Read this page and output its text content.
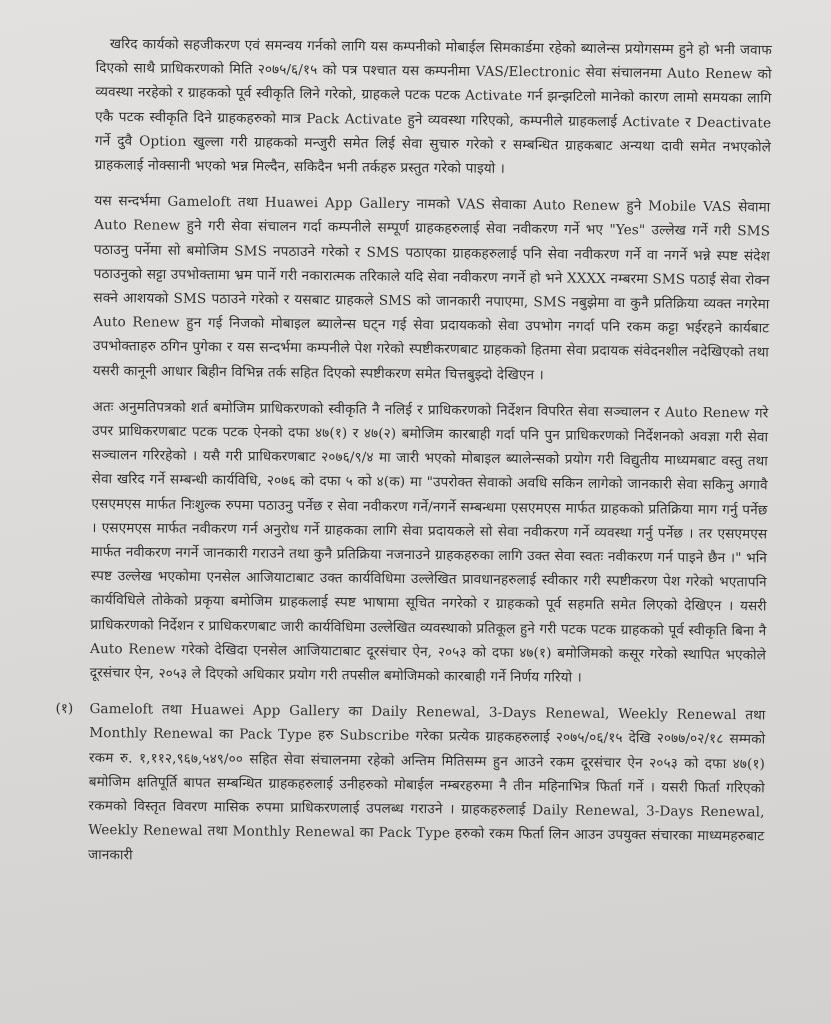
खरिद कार्यको सहजीकरण एवं समन्वय गर्नको लागि यस कम्पनीको मोबाईल सिमकार्डमा रहेको ब्यालेन्स प्रयोगसम्म हुने हो भनी जवाफ दिएको साथै प्राधिकरणको मिति २०७५/६/१५ को पत्र पश्चात यस कम्पनीमा VAS/Electronic सेवा संचालनमा Auto Renew को व्यवस्था नरहेको र ग्राहकको पूर्व स्वीकृति लिने गरेको, ग्राहकले पटक पटक Activate गर्न झन्झटिलो मानेको कारण लामो समयका लागि एकै पटक स्वीकृति दिने ग्राहकहरुको मात्र Pack Activate हुने व्यवस्था गरिएको, कम्पनीले ग्राहकलाई Activate र Deactivate गर्ने दुवै Option खुल्ला गरी ग्राहकको मन्जुरी समेत लिई सेवा सुचारु गरेको र सम्बन्धित ग्राहकबाट अन्यथा दावी समेत नभएकोले ग्राहकलाई नोक्सानी भएको भन्न मिल्दैन, सकिदैन भनी तर्कहरु प्रस्तुत गरेको पाइयो ।

यस सन्दर्भमा Gameloft तथा Huawei App Gallery नामको VAS सेवाका Auto Renew हुने Mobile VAS सेवामा Auto Renew हुने गरी सेवा संचालन गर्दा कम्पनीले सम्पूर्ण ग्राहकहरुलाई सेवा नवीकरण गर्ने भए "Yes" उल्लेख गर्ने गरी SMS पठाउनु पर्नेमा सो बमोजिम SMS नपठाउने गरेको र SMS पठाएका ग्राहकहरुलाई पनि सेवा नवीकरण गर्ने वा नगर्ने भन्ने स्पष्ट संदेश पठाउनुको सट्टा उपभोक्तामा भ्रम पार्ने गरी नकारात्मक तरिकाले यदि सेवा नवीकरण नगर्ने हो भने XXXX नम्बरमा SMS पठाई सेवा रोक्न सक्ने आशयको SMS पठाउने गरेको र यसबाट ग्राहकले SMS को जानकारी नपाएमा, SMS नबुझेमा वा कुनै प्रतिक्रिया व्यक्त नगरेमा Auto Renew हुन गई निजको मोबाइल ब्यालेन्स घट्न गई सेवा प्रदायकको सेवा उपभोग नगर्दा पनि रकम कट्टा भईरहने कार्यबाट उपभोक्ताहरु ठगिन पुगेका र यस सन्दर्भमा कम्पनीले पेश गरेको स्पष्टीकरणबाट ग्राहकको हितमा सेवा प्रदायक संवेदनशील नदेखिएको तथा यसरी कानूनी आधार बिहीन विभिन्न तर्क सहित दिएको स्पष्टीकरण समेत चित्तबुझ्दो देखिएन ।

अतः अनुमतिपत्रको शर्त बमोजिम प्राधिकरणको स्वीकृति नै नलिई र प्राधिकरणको निर्देशन विपरित सेवा सञ्चालन र Auto Renew गरे उपर प्राधिकरणबाट पटक पटक ऐनको दफा ४७(१) र ४७(२) बमोजिम कारबाही गर्दा पनि पुन प्राधिकरणको निर्देशनको अवज्ञा गरी सेवा सञ्चालन गरिरहेको । यसै गरी प्राधिकरणबाट २०७६/९/४ मा जारी भएको मोबाइल ब्यालेन्सको प्रयोग गरी विद्युतीय माध्यमबाट वस्तु तथा सेवा खरिद गर्ने सम्बन्धी कार्यविधि, २०७६ को दफा ५ को ४(क) मा "उपरोक्त सेवाको अवधि सकिन लागेको जानकारी सेवा सकिनु अगावै एसएमएस मार्फत निःशुल्क रुपमा पठाउनु पर्नेछ र सेवा नवीकरण गर्ने/नगर्ने सम्बन्धमा एसएमएस मार्फत ग्राहकको प्रतिक्रिया माग गर्नु पर्नेछ । एसएमएस मार्फत नवीकरण गर्न अनुरोध गर्ने ग्राहकका लागि सेवा प्रदायकले सो सेवा नवीकरण गर्ने व्यवस्था गर्नु पर्नेछ । तर एसएमएस मार्फत नवीकरण नगर्ने जानकारी गराउने तथा कुनै प्रतिक्रिया नजनाउने ग्राहकहरुका लागि उक्त सेवा स्वतः नवीकरण गर्न पाइने छैन ।" भनि स्पष्ट उल्लेख भएकोमा एनसेल आजियाटाबाट उक्त कार्यविधिमा उल्लेखित प्रावधानहरुलाई स्वीकार गरी स्पष्टीकरण पेश गरेको भएतापनि कार्यविधिले तोकेको प्रकृया बमोजिम ग्राहकलाई स्पष्ट भाषामा सूचित नगरेको र ग्राहकको पूर्व सहमति समेत लिएको देखिएन । यसरी प्राधिकरणको निर्देशन र प्राधिकरणबाट जारी कार्यविधिमा उल्लेखित व्यवस्थाको प्रतिकूल हुने गरी पटक पटक ग्राहकको पूर्व स्वीकृति बिना नै Auto Renew गरेको देखिदा एनसेल आजियाटाबाट दूरसंचार ऐन, २०५३ को दफा ४७(१) बमोजिमको कसूर गरेको स्थापित भएकोले दूरसंचार ऐन, २०५३ ले दिएको अधिकार प्रयोग गरी तपसील बमोजिमको कारबाही गर्ने निर्णय गरियो ।

(१) Gameloft तथा Huawei App Gallery का Daily Renewal, 3-Days Renewal, Weekly Renewal तथा Monthly Renewal का Pack Type हरु Subscribe गरेका प्रत्येक ग्राहकहरुलाई २०७५/०६/१५ देखि २०७७/०२/१८ सम्मको रकम रु. १,११२,९६७,५४९/०० सहित सेवा संचालनमा रहेको अन्तिम मितिसम्म हुन आउने रकम दूरसंचार ऐन २०५३ को दफा ४७(१) बमोजिम क्षतिपूर्ति बापत सम्बन्धित ग्राहकहरुलाई उनीहरुको मोबाईल नम्बरहरुमा नै तीन महिनाभित्र फिर्ता गर्ने । यसरी फिर्ता गरिएको रकमको विस्तृत विवरण मासिक रुपमा प्राधिकरणलाई उपलब्ध गराउने । ग्राहकहरुलाई Daily Renewal, 3-Days Renewal, Weekly Renewal तथा Monthly Renewal का Pack Type हरुको रकम फिर्ता लिन आउन उपयुक्त संचारका माध्यमहरुबाट जानकारी
